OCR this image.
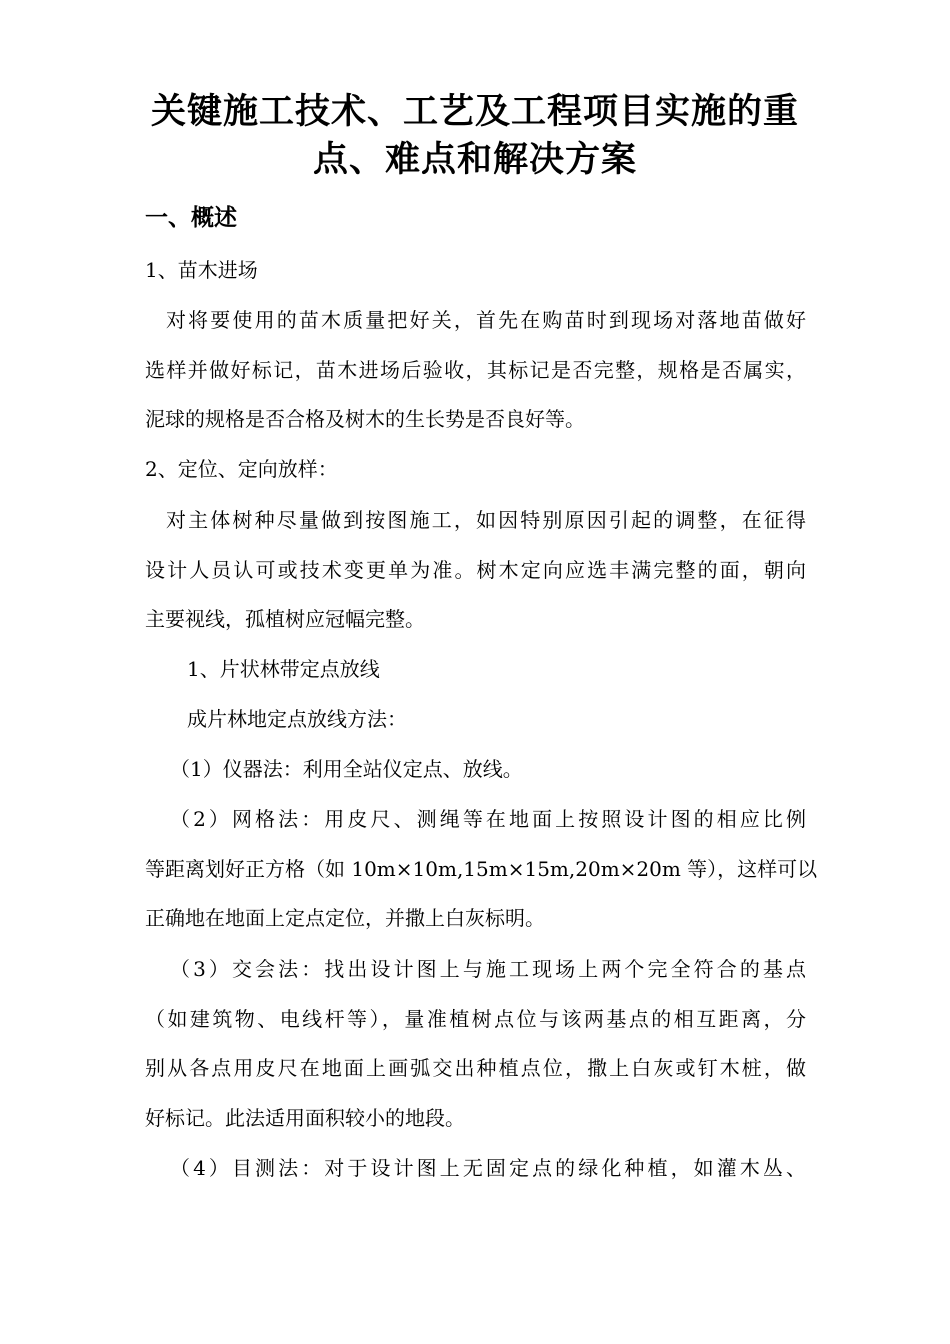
关键施工技术、工艺及工程项目实施的重
点、难点和解决方案
一、概述
1、苗木进场
对将要使用的苗木质量把好关，首先在购苗时到现场对落地苗做好
选样并做好标记，苗木进场后验收，其标记是否完整，规格是否属实，
泥球的规格是否合格及树木的生长势是否良好等。
2、定位、定向放样：
对主体树种尽量做到按图施工，如因特别原因引起的调整，在征得
设计人员认可或技术变更单为准。树木定向应选丰满完整的面，朝向
主要视线，孤植树应冠幅完整。
1、片状林带定点放线
成片林地定点放线方法：
（1）仪器法：利用全站仪定点、放线。
（2）网格法：用皮尺、测绳等在地面上按照设计图的相应比例
等距离划好正方格（如 10m×10m,15m×15m,20m×20m 等），这样可以
正确地在地面上定点定位，并撒上白灰标明。
（3）交会法：找出设计图上与施工现场上两个完全符合的基点
（如建筑物、电线杆等），量准植树点位与该两基点的相互距离，分
别从各点用皮尺在地面上画弧交出种植点位，撒上白灰或钉木桩，做
好标记。此法适用面积较小的地段。
（4）目测法：对于设计图上无固定点的绿化种植，如灌木丛、
